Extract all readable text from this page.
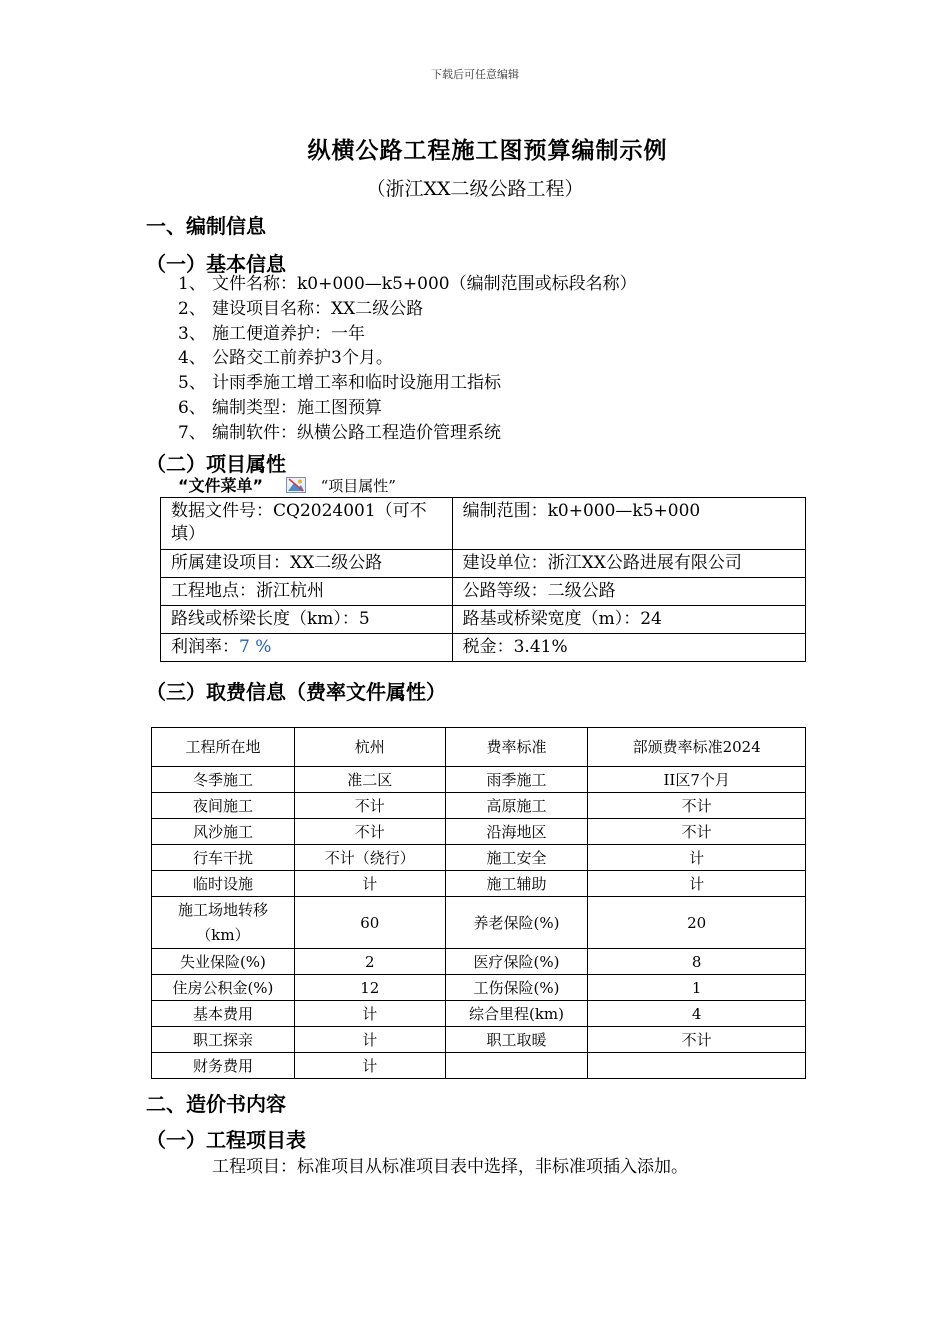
下载后可任意编辑
纵横公路工程施工图预算编制示例
（浙江XX二级公路工程）
一、编制信息
（一）基本信息
1、 文件名称：k0+000—k5+000（编制范围或标段名称）
2、 建设项目名称：XX二级公路
3、 施工便道养护：一年
4、 公路交工前养护3个月。
5、 计雨季施工增工率和临时设施用工指标
6、 编制类型：施工图预算
7、 编制软件：纵横公路工程造价管理系统
（二）项目属性
“文件菜单”	“项目属性”
数据文件号：CQ2024001（可不填）	编制范围：k0+000—k5+000
所属建设项目：XX二级公路	建设单位：浙江XX公路进展有限公司
工程地点：浙江杭州	公路等级：二级公路
路线或桥梁长度（km）：5	路基或桥梁宽度（m）：24
利润率：7 %	税金：3.41%
（三）取费信息（费率文件属性）
工程所在地	杭州	费率标准	部颁费率标准2024
冬季施工	准二区	雨季施工	II区7个月
夜间施工	不计	高原施工	不计
风沙施工	不计	沿海地区	不计
行车干扰	不计（绕行）	施工安全	计
临时设施	计	施工辅助	计
施工场地转移（km）	60	养老保险(%)	20
失业保险(%)	2	医疗保险(%)	8
住房公积金(%)	12	工伤保险(%)	1
基本费用	计	综合里程(km)	4
职工探亲	计	职工取暖	不计
财务费用	计		
二、造价书内容
（一）工程项目表
工程项目：标准项目从标准项目表中选择，非标准项插入添加。
